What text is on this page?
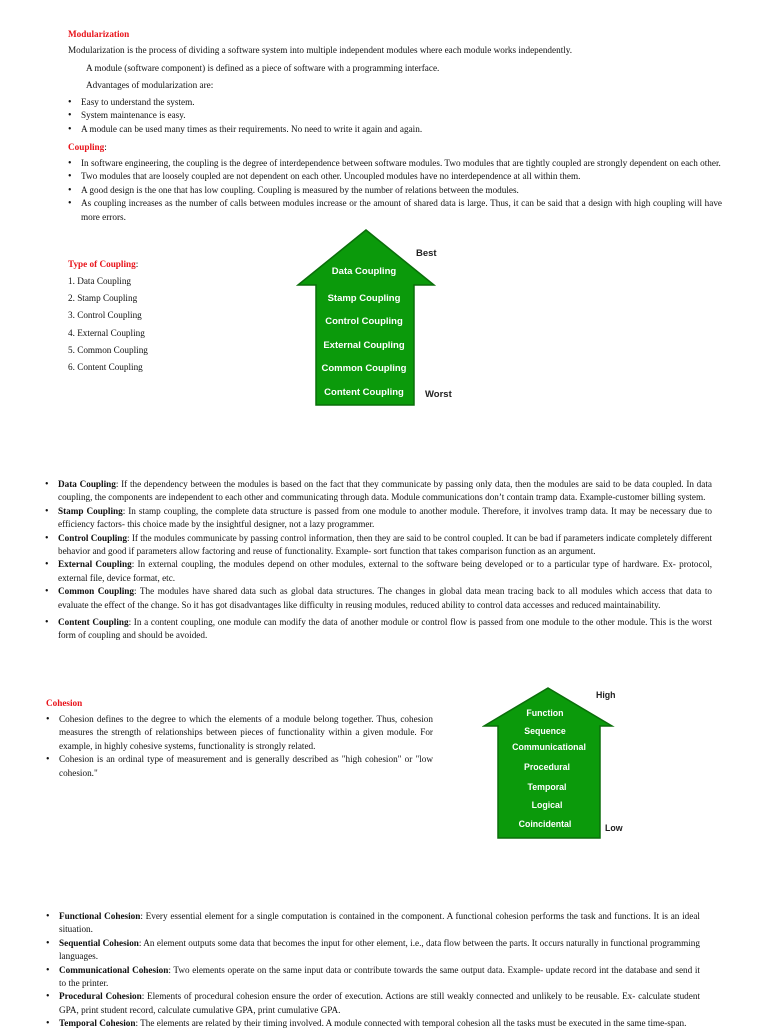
Modularization
Modularization is the process of dividing a software system into multiple independent modules where each module works independently.
A module (software component) is defined as a piece of software with a programming interface.
Advantages of modularization are:
• Easy to understand the system.
• System maintenance is easy.
• A module can be used many times as their requirements. No need to write it again and again.
Coupling:
• In software engineering, the coupling is the degree of interdependence between software modules. Two modules that are tightly coupled are strongly dependent on each other.
• Two modules that are loosely coupled are not dependent on each other. Uncoupled modules have no interdependence at all within them.
• A good design is the one that has low coupling. Coupling is measured by the number of relations between the modules.
• As coupling increases as the number of calls between modules increase or the amount of shared data is large. Thus, it can be said that a design with high coupling will have more errors.
Type of Coupling:
1. Data Coupling
2. Stamp Coupling
3. Control Coupling
4. External Coupling
5. Common Coupling
6. Content Coupling
Data Coupling
Stamp Coupling
Control Coupling
External Coupling
Common Coupling
Content Coupling
Best
Worst
• Data Coupling: If the dependency between the modules is based on the fact that they communicate by passing only data, then the modules are said to be data coupled. In data coupling, the components are independent to each other and communicating through data. Module communications don’t contain tramp data. Example-customer billing system.
• Stamp Coupling: In stamp coupling, the complete data structure is passed from one module to another module. Therefore, it involves tramp data. It may be necessary due to efficiency factors- this choice made by the insightful designer, not a lazy programmer.
• Control Coupling: If the modules communicate by passing control information, then they are said to be control coupled. It can be bad if parameters indicate completely different behavior and good if parameters allow factoring and reuse of functionality. Example- sort function that takes comparison function as an argument.
• External Coupling: In external coupling, the modules depend on other modules, external to the software being developed or to a particular type of hardware. Ex- protocol, external file, device format, etc.
• Common Coupling: The modules have shared data such as global data structures. The changes in global data mean tracing back to all modules which access that data to evaluate the effect of the change. So it has got disadvantages like difficulty in reusing modules, reduced ability to control data accesses and reduced maintainability.
• Content Coupling: In a content coupling, one module can modify the data of another module or control flow is passed from one module to the other module. This is the worst form of coupling and should be avoided.
Cohesion
• Cohesion defines to the degree to which the elements of a module belong together. Thus, cohesion measures the strength of relationships between pieces of functionality within a given module. For example, in highly cohesive systems, functionality is strongly related.
• Cohesion is an ordinal type of measurement and is generally described as "high cohesion" or "low cohesion."
Function
Sequence
Communicational
Procedural
Temporal
Logical
Coincidental
High
Low
• Functional Cohesion: Every essential element for a single computation is contained in the component. A functional cohesion performs the task and functions. It is an ideal situation.
• Sequential Cohesion: An element outputs some data that becomes the input for other element, i.e., data flow between the parts. It occurs naturally in functional programming languages.
• Communicational Cohesion: Two elements operate on the same input data or contribute towards the same output data. Example- update record int the database and send it to the printer.
• Procedural Cohesion: Elements of procedural cohesion ensure the order of execution. Actions are still weakly connected and unlikely to be reusable. Ex- calculate student GPA, print student record, calculate cumulative GPA, print cumulative GPA.
• Temporal Cohesion: The elements are related by their timing involved. A module connected with temporal cohesion all the tasks must be executed in the same time-span.
